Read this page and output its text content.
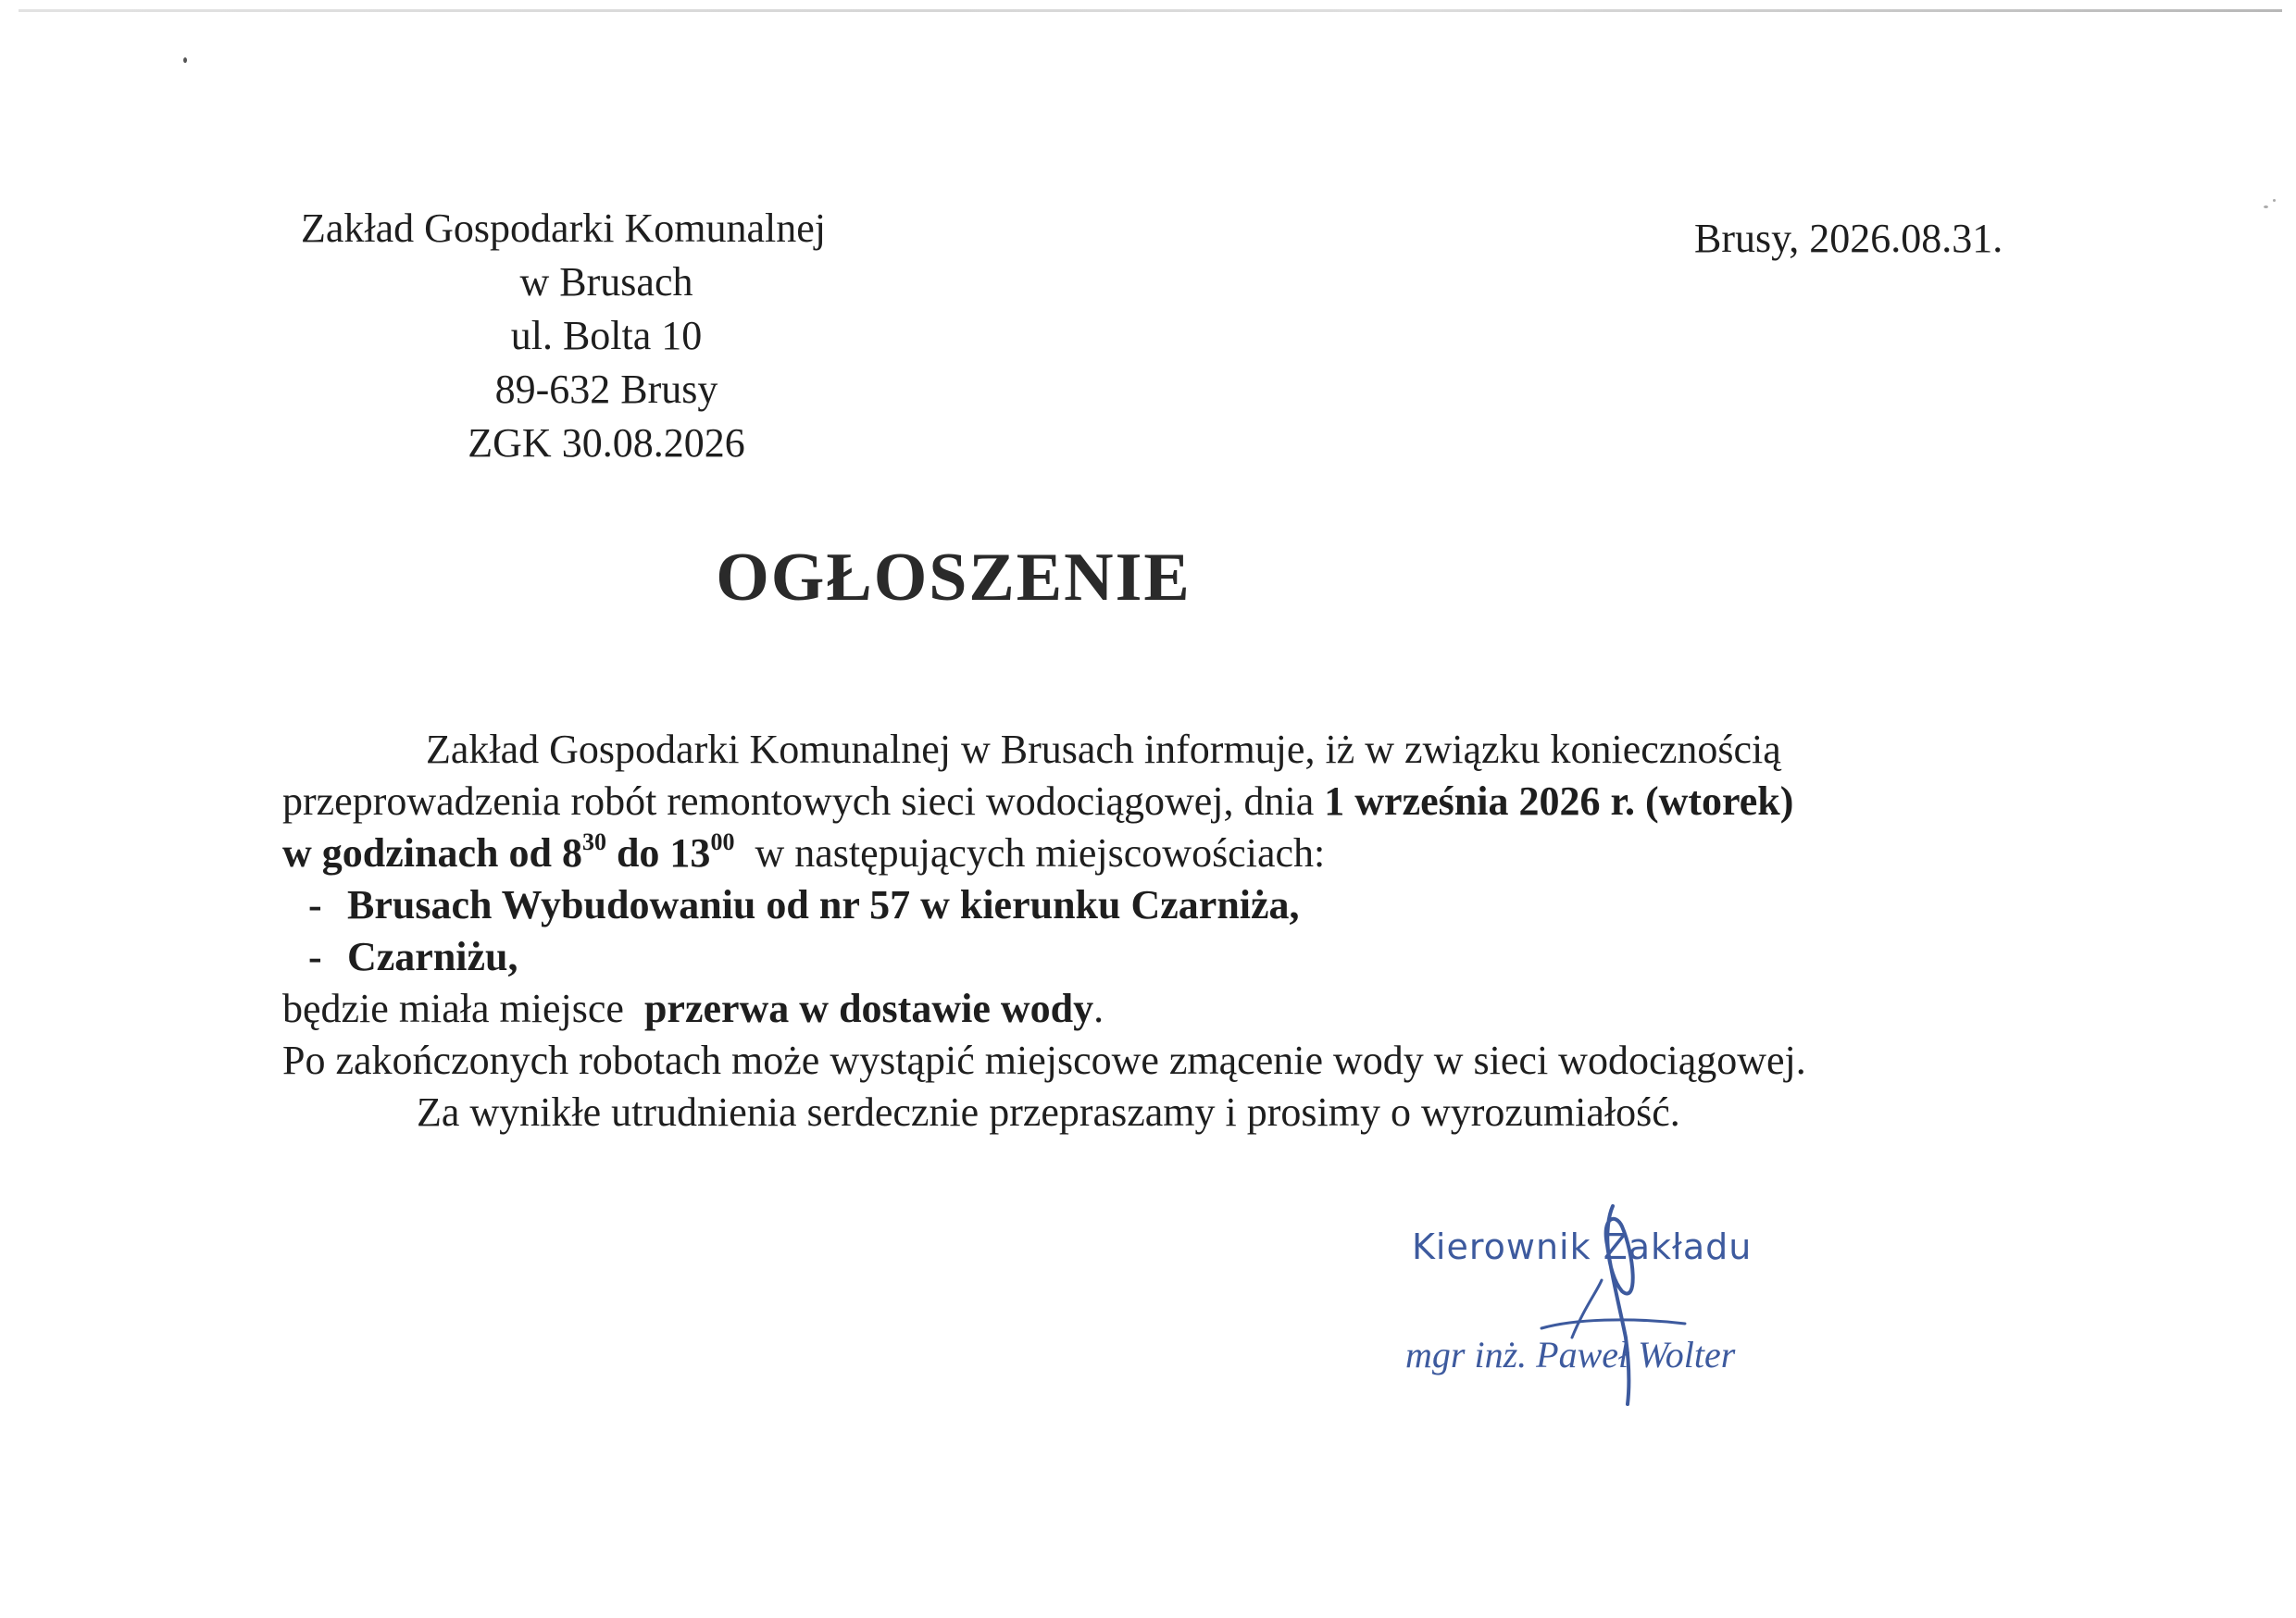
Zakład Gospodarki Komunalnej
w Brusach
ul. Bolta 10
89-632 Brusy
ZGK 30.08.2026
Brusy, 2026.08.31.
OGŁOSZENIE
Zakład Gospodarki Komunalnej w Brusach informuje, iż w związku koniecznością
przeprowadzenia robót remontowych sieci wodociągowej, dnia 1 września 2026 r. (wtorek)
w godzinach od $8^{30}$ do $13^{00}$  w następujących miejscowościach:
- Brusach Wybudowaniu od nr 57 w kierunku Czarniża,
- Czarniżu,
będzie miała miejsce  przerwa w dostawie wody.
Po zakończonych robotach może wystąpić miejscowe zmącenie wody w sieci wodociągowej.
Za wynikłe utrudnienia serdecznie przepraszamy i prosimy o wyrozumiałość.
Kierownik Zakładu
mgr inż. Paweł Wolter
